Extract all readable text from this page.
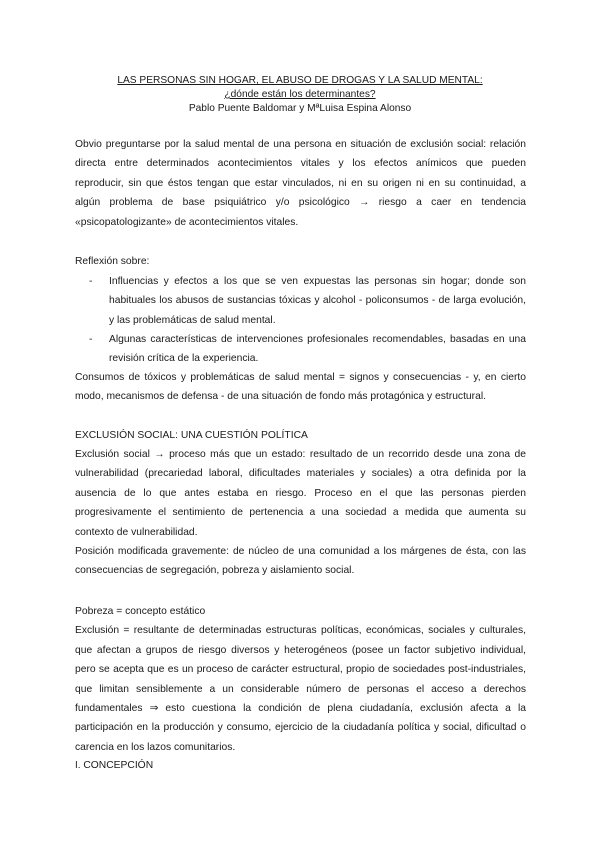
LAS PERSONAS SIN HOGAR, EL ABUSO DE DROGAS Y LA SALUD MENTAL:
¿dónde están los determinantes?
Pablo Puente Baldomar y MªLuisa Espina Alonso
Obvio preguntarse por la salud mental de una persona en situación de exclusión social: relación
directa entre determinados acontecimientos vitales y los efectos anímicos que pueden
reproducir, sin que éstos tengan que estar vinculados, ni en su origen ni en su continuidad, a
algún problema de base psiquiátrico y/o psicológico → riesgo a caer en tendencia
«psicopatologizante» de acontecimientos vitales.
Reflexión sobre:
- Influencias y efectos a los que se ven expuestas las personas sin hogar; donde son
habituales los abusos de sustancias tóxicas y alcohol - policonsumos - de larga evolución,
y las problemáticas de salud mental.
- Algunas características de intervenciones profesionales recomendables, basadas en una
revisión crítica de la experiencia.
Consumos de tóxicos y problemáticas de salud mental = signos y consecuencias - y, en cierto
modo, mecanismos de defensa - de una situación de fondo más protagónica y estructural.
EXCLUSIÓN SOCIAL: UNA CUESTIÓN POLÍTICA
Exclusión social → proceso más que un estado: resultado de un recorrido desde una zona de
vulnerabilidad (precariedad laboral, dificultades materiales y sociales) a otra definida por la
ausencia de lo que antes estaba en riesgo. Proceso en el que las personas pierden
progresivamente el sentimiento de pertenencia a una sociedad a medida que aumenta su
contexto de vulnerabilidad.
Posición modificada gravemente: de núcleo de una comunidad a los márgenes de ésta, con las
consecuencias de segregación, pobreza y aislamiento social.
Pobreza = concepto estático
Exclusión = resultante de determinadas estructuras políticas, económicas, sociales y culturales,
que afectan a grupos de riesgo diversos y heterogéneos (posee un factor subjetivo individual,
pero se acepta que es un proceso de carácter estructural, propio de sociedades post-industriales,
que limitan sensiblemente a un considerable número de personas el acceso a derechos
fundamentales ⇒ esto cuestiona la condición de plena ciudadanía, exclusión afecta a la
participación en la producción y consumo, ejercicio de la ciudadanía política y social, dificultad o
carencia en los lazos comunitarios.
I. CONCEPCIÓN
